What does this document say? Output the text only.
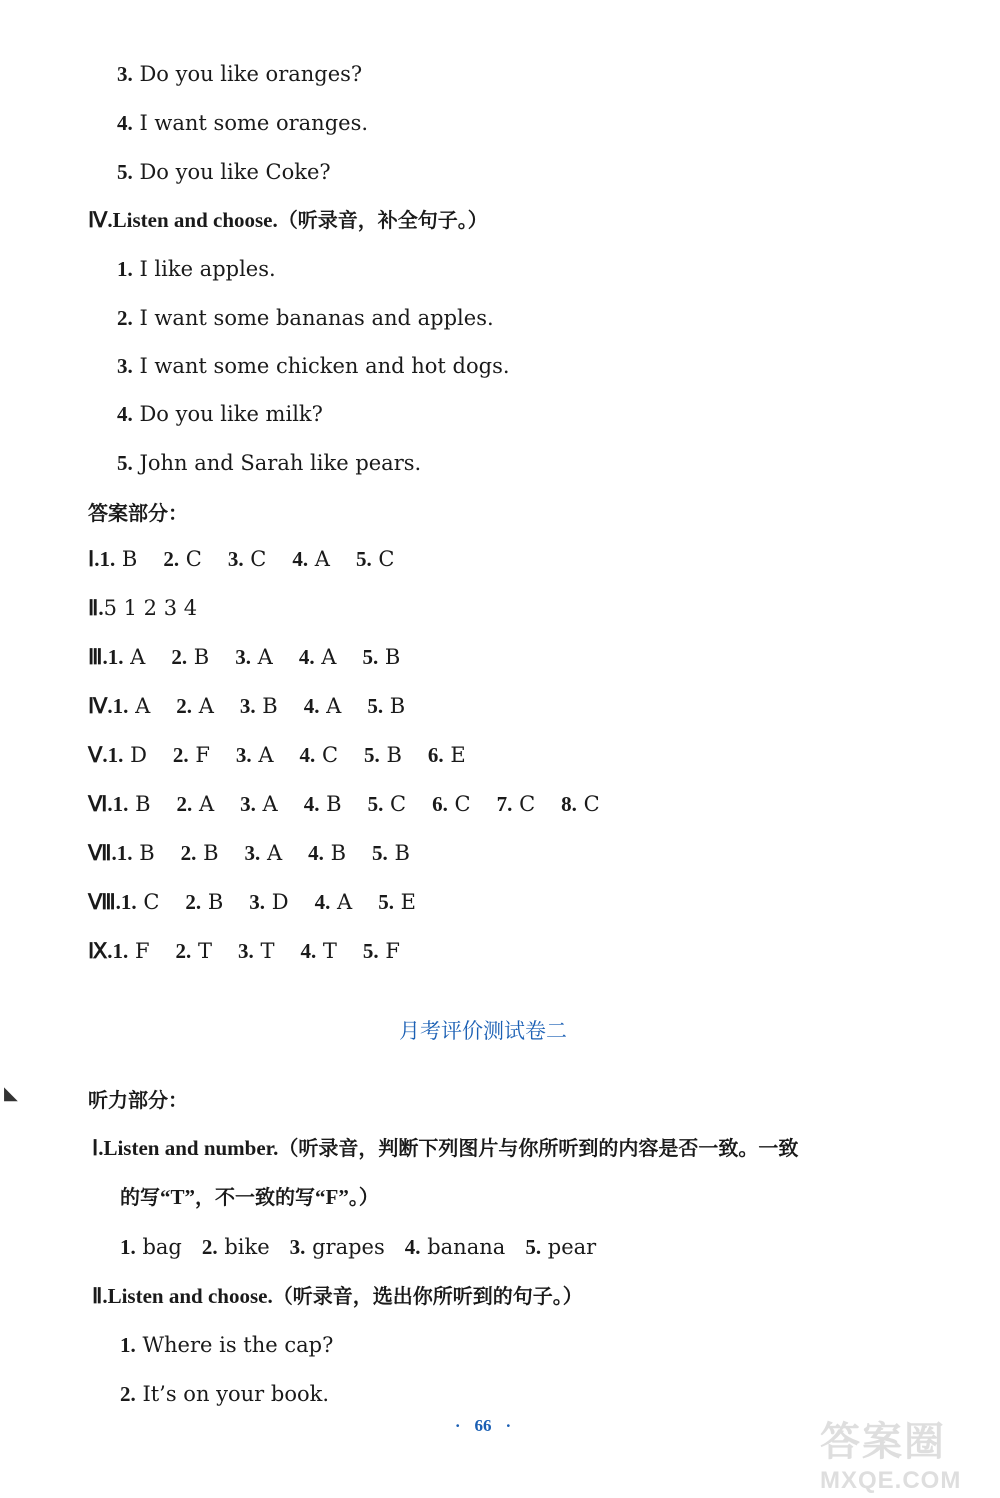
3. Do you like oranges?
4. I want some oranges.
5. Do you like Coke?
Ⅳ.Listen and choose.（听录音，补全句子。）
1. I like apples.
2. I want some bananas and apples.
3. I want some chicken and hot dogs.
4. Do you like milk?
5. John and Sarah like pears.
答案部分：
Ⅰ.1. B 2. C 3. C 4. A 5. C
Ⅱ.5 1 2 3 4
Ⅲ.1. A 2. B 3. A 4. A 5. B
Ⅳ.1. A 2. A 3. B 4. A 5. B
Ⅴ.1. D 2. F 3. A 4. C 5. B 6. E
Ⅵ.1. B 2. A 3. A 4. B 5. C 6. C 7. C 8. C
Ⅶ.1. B 2. B 3. A 4. B 5. B
Ⅷ.1. C 2. B 3. D 4. A 5. E
Ⅸ.1. F 2. T 3. T 4. T 5. F
月考评价测试卷二
◣	听力部分：
Ⅰ.Listen and number.（听录音，判断下列图片与你所听到的内容是否一致。一致
的写“T”，不一致的写“F”。）
1. bag 2. bike 3. grapes 4. banana 5. pear
Ⅱ.Listen and choose.（听录音，选出你所听到的句子。）
1. Where is the cap?
2. It’s on your book.
· 66 ·	答案圈
MXQE.COM
